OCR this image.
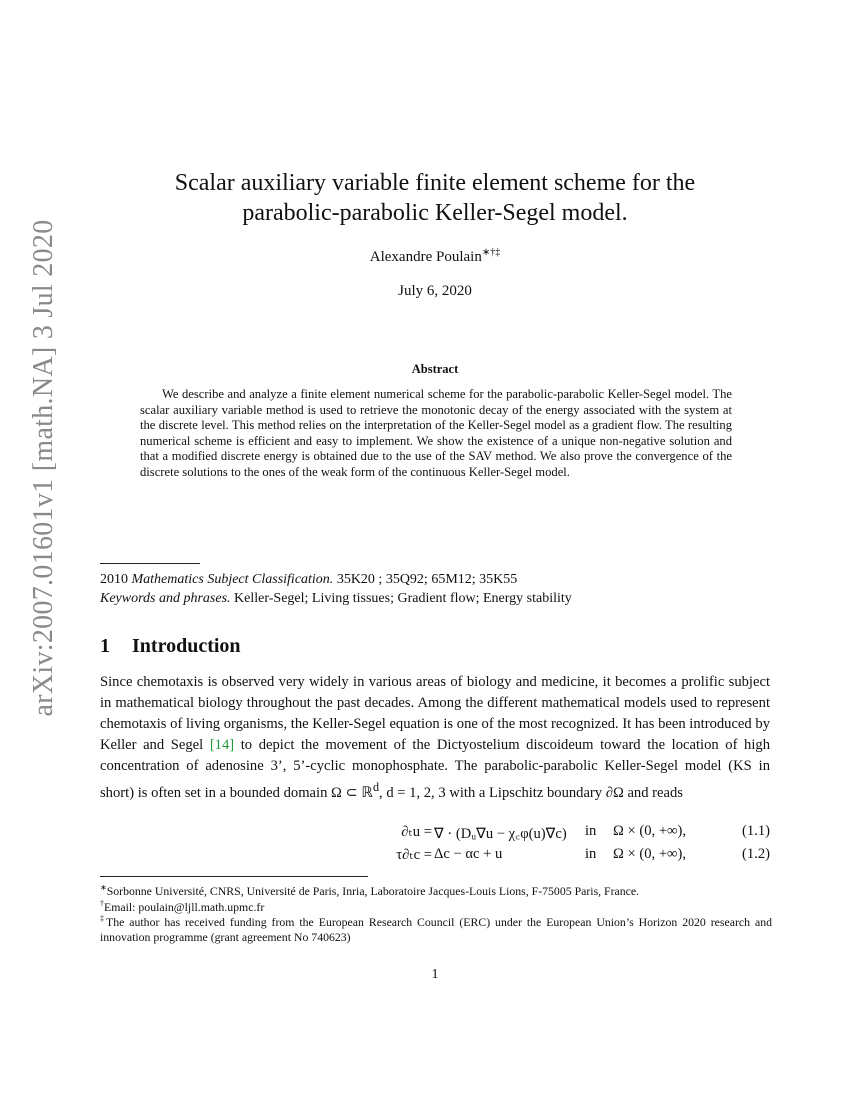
arXiv:2007.01601v1 [math.NA] 3 Jul 2020
Scalar auxiliary variable finite element scheme for the
parabolic-parabolic Keller-Segel model.
Alexandre Poulain∗†‡
July 6, 2020
Abstract

We describe and analyze a finite element numerical scheme for the parabolic-parabolic Keller-Segel model. The scalar auxiliary variable method is used to retrieve the monotonic decay of the energy associated with the system at the discrete level. This method relies on the interpretation of the Keller-Segel model as a gradient flow. The resulting numerical scheme is efficient and easy to implement. We show the existence of a unique non-negative solution and that a modified discrete energy is obtained due to the use of the SAV method. We also prove the convergence of the discrete solutions to the ones of the weak form of the continuous Keller-Segel model.

2010 Mathematics Subject Classification. 35K20 ; 35Q92; 65M12; 35K55
Keywords and phrases. Keller-Segel; Living tissues; Gradient flow; Energy stability
1 Introduction

Since chemotaxis is observed very widely in various areas of biology and medicine, it becomes a prolific subject in mathematical biology throughout the past decades. Among the different mathematical models used to represent chemotaxis of living organisms, the Keller-Segel equation is one of the most recognized. It has been introduced by Keller and Segel [14] to depict the movement of the Dictyostelium discoideum toward the location of high concentration of adenosine 3’, 5’-cyclic monophosphate. The parabolic-parabolic Keller-Segel model (KS in short) is often set in a bounded domain Ω ⊂ ℝ$^d$, d = 1, 2, 3 with a Lipschitz boundary ∂Ω and reads

∂ₜu = ∇ · (Dᵤ∇u − χ꜀φ(u)∇c) in Ω × (0, +∞),	(1.1)
τ∂ₜc = Δc − αc + u	in Ω × (0, +∞),	(1.2)

∗Sorbonne Université, CNRS, Université de Paris, Inria, Laboratoire Jacques-Louis Lions, F-75005 Paris, France.

†Email: poulain@ljll.math.upmc.fr

‡The author has received funding from the European Research Council (ERC) under the European Union’s Horizon 2020 research and innovation programme (grant agreement No 740623)

1
